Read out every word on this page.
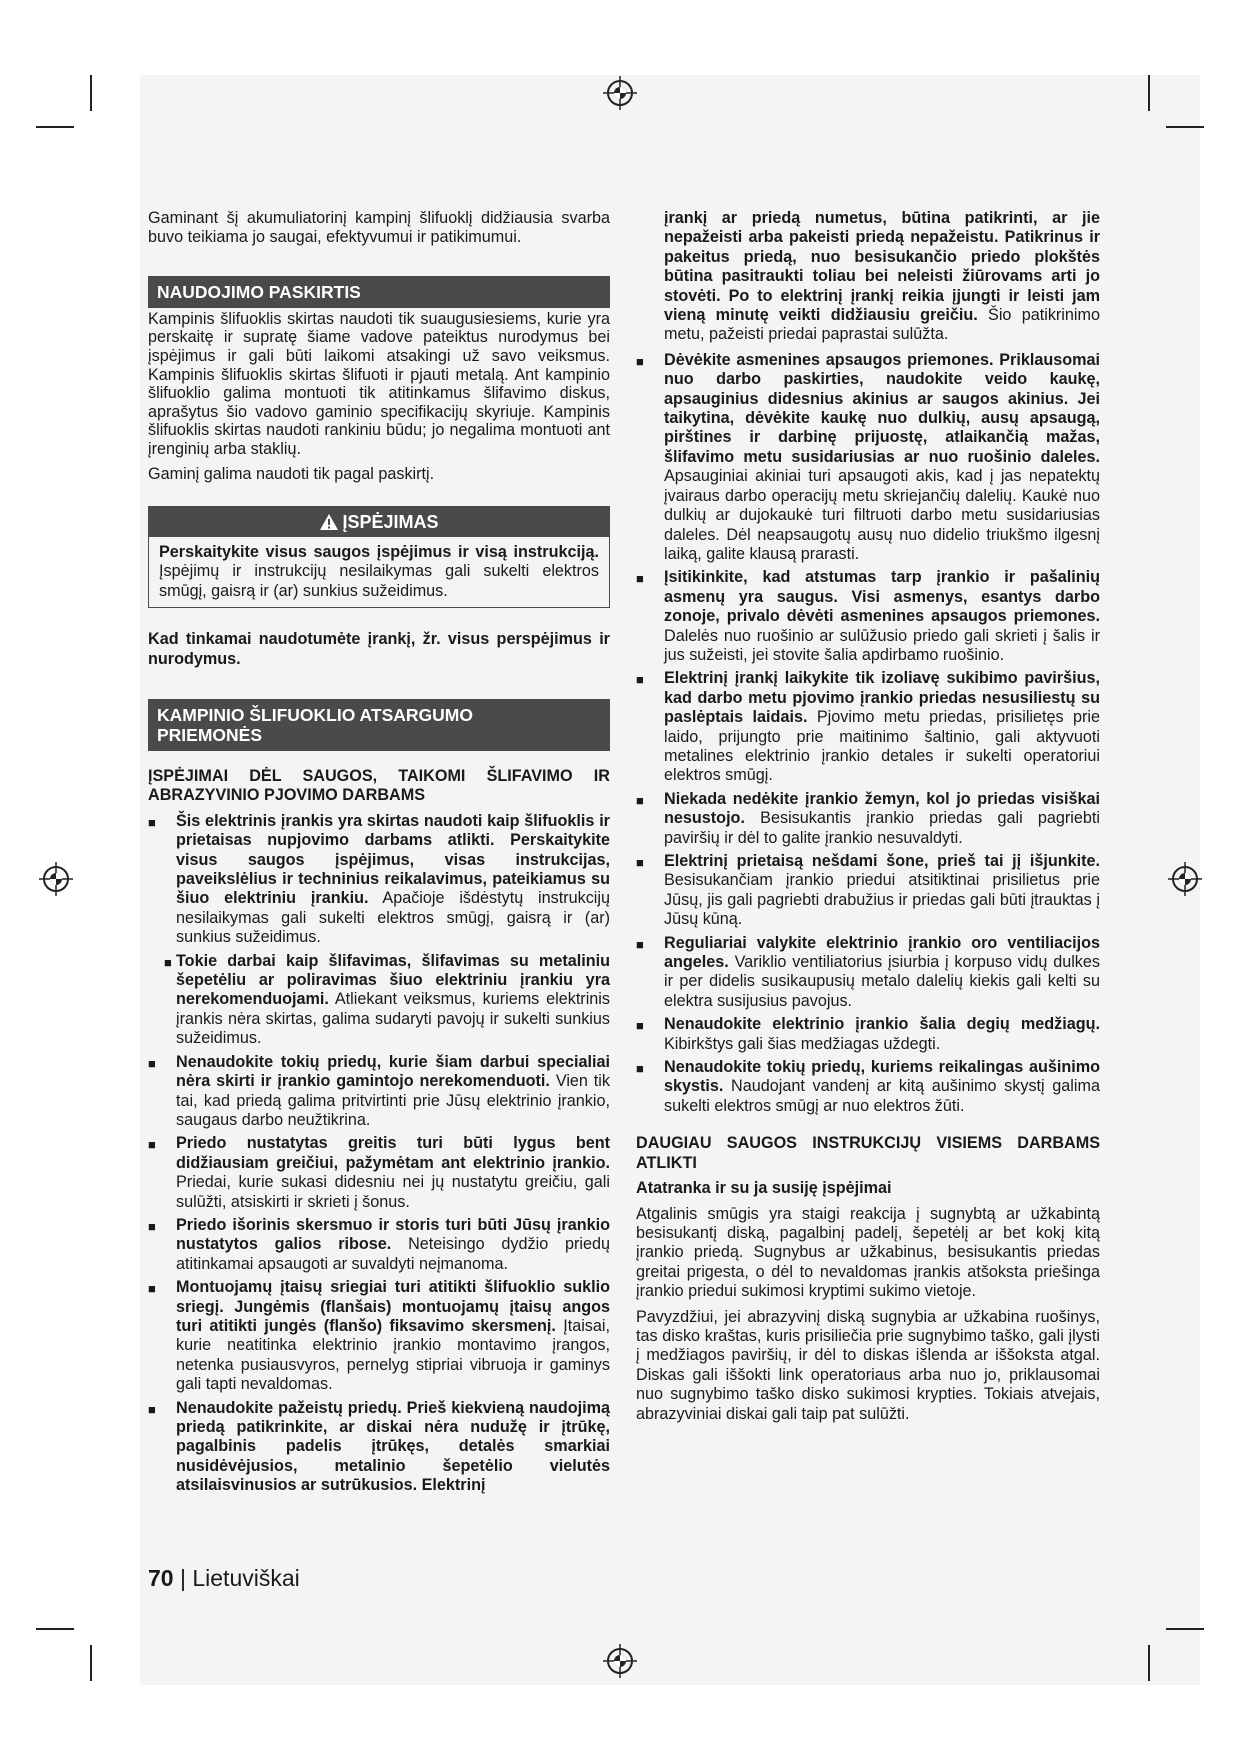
Gaminant šį akumuliatorinį kampinį šlifuoklį didžiausia svarba buvo teikiama jo saugai, efektyvumui ir patikimumui.

NAUDOJIMO PASKIRTIS

Kampinis šlifuoklis skirtas naudoti tik suaugusiesiems, kurie yra perskaitę ir supratę šiame vadove pateiktus nurodymus bei įspėjimus ir gali būti laikomi atsakingi už savo veiksmus. Kampinis šlifuoklis skirtas šlifuoti ir pjauti metalą. Ant kampinio šlifuoklio galima montuoti tik atitinkamus šlifavimo diskus, aprašytus šio vadovo gaminio specifikacijų skyriuje. Kampinis šlifuoklis skirtas naudoti rankiniu būdu; jo negalima montuoti ant įrenginių arba staklių.

Gaminį galima naudoti tik pagal paskirtį.

ĮSPĖJIMAS
Perskaitykite visus saugos įspėjimus ir visą instrukciją. Įspėjimų ir instrukcijų nesilaikymas gali sukelti elektros smūgį, gaisrą ir (ar) sunkius sužeidimus.

Kad tinkamai naudotumėte įrankį, žr. visus perspėjimus ir nurodymus.

KAMPINIO ŠLIFUOKLIO ATSARGUMO PRIEMONĖS

ĮSPĖJIMAI DĖL SAUGOS, TAIKOMI ŠLIFAVIMO IR ABRAZYVINIO PJOVIMO DARBAMS

■ Šis elektrinis įrankis yra skirtas naudoti kaip šlifuoklis ir prietaisas nupjovimo darbams atlikti. Perskaitykite visus saugos įspėjimus, visas instrukcijas, paveikslėlius ir techninius reikalavimus, pateikiamus su šiuo elektriniu įrankiu. Apačioje išdėstytų instrukcijų nesilaikymas gali sukelti elektros smūgį, gaisrą ir (ar) sunkius sužeidimus.
■ Tokie darbai kaip šlifavimas, šlifavimas su metaliniu šepetėliu ar poliravimas šiuo elektriniu įrankiu yra nerekomenduojami. Atliekant veiksmus, kuriems elektrinis įrankis nėra skirtas, galima sudaryti pavojų ir sukelti sunkius sužeidimus.
■ Nenaudokite tokių priedų, kurie šiam darbui specialiai nėra skirti ir įrankio gamintojo nerekomenduoti. Vien tik tai, kad priedą galima pritvirtinti prie Jūsų elektrinio įrankio, saugaus darbo neužtikrina.
■ Priedo nustatytas greitis turi būti lygus bent didžiausiam greičiui, pažymėtam ant elektrinio įrankio. Priedai, kurie sukasi didesniu nei jų nustatytu greičiu, gali sulūžti, atsiskirti ir skrieti į šonus.
■ Priedo išorinis skersmuo ir storis turi būti Jūsų įrankio nustatytos galios ribose. Neteisingo dydžio priedų atitinkamai apsaugoti ar suvaldyti neįmanoma.
■ Montuojamų įtaisų sriegiai turi atitikti šlifuoklio suklio sriegį. Jungėmis (flanšais) montuojamų įtaisų angos turi atitikti jungės (flanšo) fiksavimo skersmenį. Įtaisai, kurie neatitinka elektrinio įrankio montavimo įrangos, netenka pusiausvyros, pernelyg stipriai vibruoja ir gaminys gali tapti nevaldomas.
■ Nenaudokite pažeistų priedų. Prieš kiekvieną naudojimą priedą patikrinkite, ar diskai nėra nudužę ir įtrūkę, pagalbinis padelis įtrūkęs, detalės smarkiai nusidėvėjusios, metalinio šepetėlio vielutės atsilaisvinusios ar sutrūkusios. Elektrinį

įrankį ar priedą numetus, būtina patikrinti, ar jie nepažeisti arba pakeisti priedą nepažeistu. Patikrinus ir pakeitus priedą, nuo besisukančio priedo plokštės būtina pasitraukti toliau bei neleisti žiūrovams arti jo stovėti. Po to elektrinį įrankį reikia įjungti ir leisti jam vieną minutę veikti didžiausiu greičiu. Šio patikrinimo metu, pažeisti priedai paprastai sulūžta.

■ Dėvėkite asmenines apsaugos priemones. Priklausomai nuo darbo paskirties, naudokite veido kaukę, apsauginius didesnius akinius ar saugos akinius. Jei taikytina, dėvėkite kaukę nuo dulkių, ausų apsaugą, pirštines ir darbinę prijuostę, atlaikančią mažas, šlifavimo metu susidariusias ar nuo ruošinio daleles. Apsauginiai akiniai turi apsaugoti akis, kad į jas nepatektų įvairaus darbo operacijų metu skriejančių dalelių. Kaukė nuo dulkių ar dujokaukė turi filtruoti darbo metu susidariusias daleles. Dėl neapsaugotų ausų nuo didelio triukšmo ilgesnį laiką, galite klausą prarasti.
■ Įsitikinkite, kad atstumas tarp įrankio ir pašalinių asmenų yra saugus. Visi asmenys, esantys darbo zonoje, privalo dėvėti asmenines apsaugos priemones. Dalelės nuo ruošinio ar sulūžusio priedo gali skrieti į šalis ir jus sužeisti, jei stovite šalia apdirbamo ruošinio.
■ Elektrinį įrankį laikykite tik izoliavę sukibimo paviršius, kad darbo metu pjovimo įrankio priedas nesusiliestų su paslėptais laidais. Pjovimo metu priedas, prisilietęs prie laido, prijungto prie maitinimo šaltinio, gali aktyvuoti metalines elektrinio įrankio detales ir sukelti operatoriui elektros smūgį.
■ Niekada nedėkite įrankio žemyn, kol jo priedas visiškai nesustojo. Besisukantis įrankio priedas gali pagriebti paviršių ir dėl to galite įrankio nesuvaldyti.
■ Elektrinį prietaisą nešdami šone, prieš tai jį išjunkite. Besisukančiam įrankio priedui atsitiktinai prisilietus prie Jūsų, jis gali pagriebti drabužius ir priedas gali būti įtrauktas į Jūsų kūną.
■ Reguliariai valykite elektrinio įrankio oro ventiliacijos angeles. Variklio ventiliatorius įsiurbia į korpuso vidų dulkes ir per didelis susikaupusių metalo dalelių kiekis gali kelti su elektra susijusius pavojus.
■ Nenaudokite elektrinio įrankio šalia degių medžiagų. Kibirkštys gali šias medžiagas uždegti.
■ Nenaudokite tokių priedų, kuriems reikalingas aušinimo skystis. Naudojant vandenį ar kitą aušinimo skystį galima sukelti elektros smūgį ar nuo elektros žūti.

DAUGIAU SAUGOS INSTRUKCIJŲ VISIEMS DARBAMS ATLIKTI

Atatranka ir su ja susiję įspėjimai

Atgalinis smūgis yra staigi reakcija į sugnybtą ar užkabintą besisukantį diską, pagalbinį padelį, šepetėlį ar bet kokį kitą įrankio priedą. Sugnybus ar užkabinus, besisukantis priedas greitai prigesta, o dėl to nevaldomas įrankis atšoksta priešinga įrankio priedui sukimosi kryptimi sukimo vietoje.

Pavyzdžiui, jei abrazyvinį diską sugnybia ar užkabina ruošinys, tas disko kraštas, kuris prisiliečia prie sugnybimo taško, gali įlysti į medžiagos paviršių, ir dėl to diskas išlenda ar iššoksta atgal. Diskas gali iššokti link operatoriaus arba nuo jo, priklausomai nuo sugnybimo taško disko sukimosi krypties. Tokiais atvejais, abrazyviniai diskai gali taip pat sulūžti.

70 | Lietuviškai
